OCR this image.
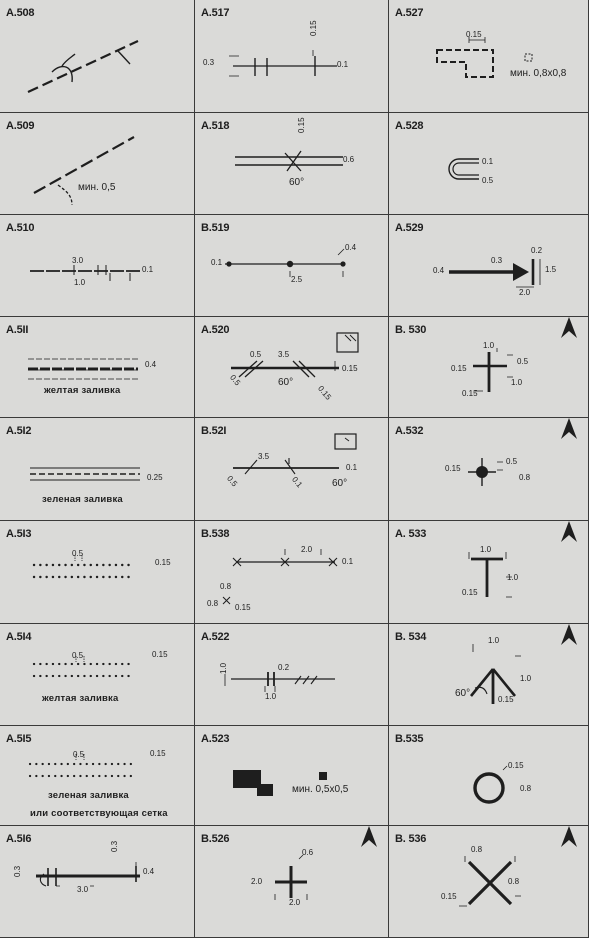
A.508	A.517
0.3
0.15
0.1
A.527
0.15
мин. 0,8х0,8
A.509
мин. 0,5
A.518	0.15
0.6
60°
A.528
0.1
0.5
A.510
3.0
0.1
1.0
B.519
0.4
0.1
2.5
A.529
0.2
0.4
0.3
1.5
2.0
A.5II
0.4
желтая заливка
A.520
0.5 3.5
0.15
0.5	60°
0.15
B. 530
1.0
0.5
0.15
1.0
0.15
A.5I2
0.25
зеленая заливка
B.52I
3.5
0.1
0.5	0.1	60°
A.532
0.5
0.15
0.8
A.5I3
0.5
0.15
B.538
2.0
0.1
0.8
0.8 0.15
A. 533
1.0
1.0
0.15
A.5I4
0.5	0.15
желтая заливка
A.522
0.2
1.0
1.0
B. 534	1.0
1.0
60°
0.15
A.5I5
0.5	0.15
зеленая заливка
или соответствующая сетка
A.523
мин. 0,5х0,5
B.535
0.15
0.8
A.5I6
0.3
0.4
0.3
3.0
B.526
0.6
2.0
2.0
B. 536
0.8
0.8
0.15
